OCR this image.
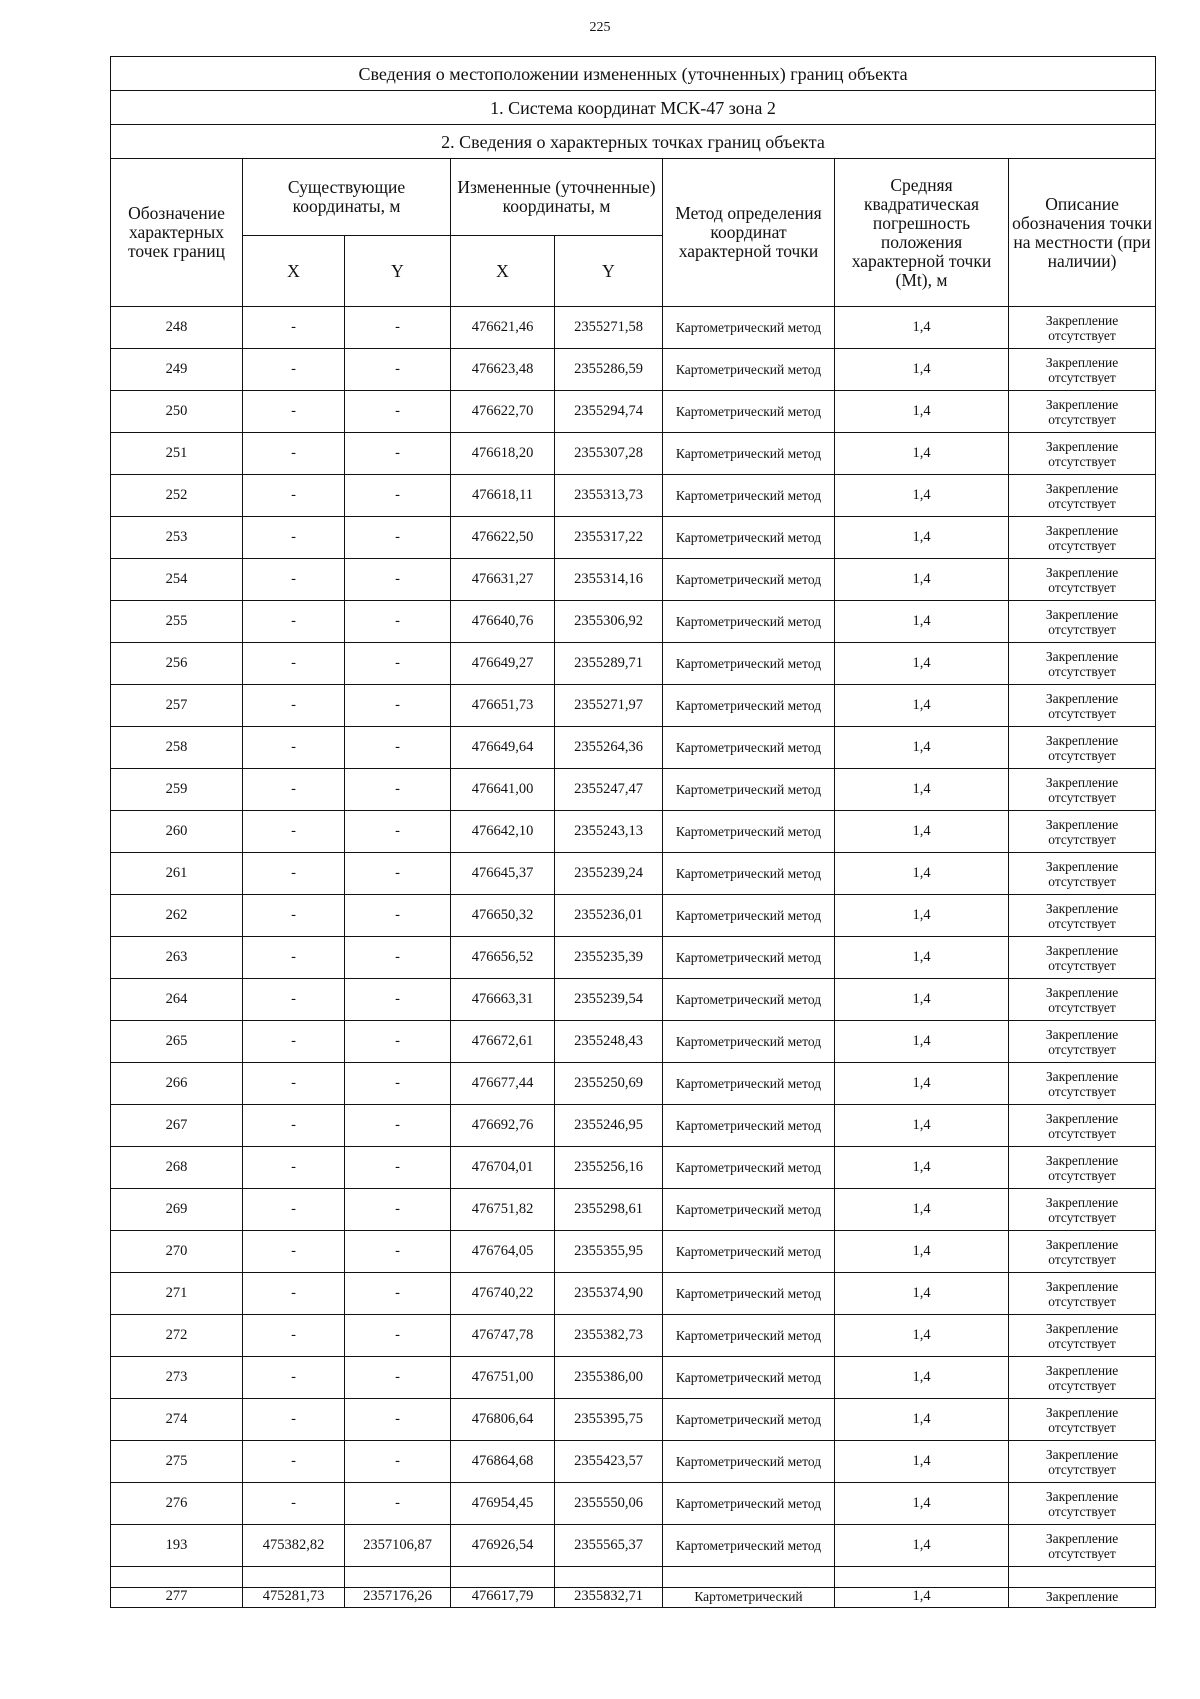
225
Сведения о местоположении измененных (уточненных) границ объекта							
1. Система координат МСК-47 зона 2							
2. Сведения о характерных точках границ объекта							
Обозначение характерных точек границ	Существующие координаты, м		Измененные (уточненные) координаты, м		Метод определения координат характерной точки	Средняя квадратическая погрешность положения характерной точки (Mt), м	Описание обозначения точки на местности (при наличии)
	X	Y	X	Y			
248	-	-	476621,46	2355271,58	Картометрический метод	1,4	Закрепление отсутствует
249	-	-	476623,48	2355286,59	Картометрический метод	1,4	Закрепление отсутствует
250	-	-	476622,70	2355294,74	Картометрический метод	1,4	Закрепление отсутствует
251	-	-	476618,20	2355307,28	Картометрический метод	1,4	Закрепление отсутствует
252	-	-	476618,11	2355313,73	Картометрический метод	1,4	Закрепление отсутствует
253	-	-	476622,50	2355317,22	Картометрический метод	1,4	Закрепление отсутствует
254	-	-	476631,27	2355314,16	Картометрический метод	1,4	Закрепление отсутствует
255	-	-	476640,76	2355306,92	Картометрический метод	1,4	Закрепление отсутствует
256	-	-	476649,27	2355289,71	Картометрический метод	1,4	Закрепление отсутствует
257	-	-	476651,73	2355271,97	Картометрический метод	1,4	Закрепление отсутствует
258	-	-	476649,64	2355264,36	Картометрический метод	1,4	Закрепление отсутствует
259	-	-	476641,00	2355247,47	Картометрический метод	1,4	Закрепление отсутствует
260	-	-	476642,10	2355243,13	Картометрический метод	1,4	Закрепление отсутствует
261	-	-	476645,37	2355239,24	Картометрический метод	1,4	Закрепление отсутствует
262	-	-	476650,32	2355236,01	Картометрический метод	1,4	Закрепление отсутствует
263	-	-	476656,52	2355235,39	Картометрический метод	1,4	Закрепление отсутствует
264	-	-	476663,31	2355239,54	Картометрический метод	1,4	Закрепление отсутствует
265	-	-	476672,61	2355248,43	Картометрический метод	1,4	Закрепление отсутствует
266	-	-	476677,44	2355250,69	Картометрический метод	1,4	Закрепление отсутствует
267	-	-	476692,76	2355246,95	Картометрический метод	1,4	Закрепление отсутствует
268	-	-	476704,01	2355256,16	Картометрический метод	1,4	Закрепление отсутствует
269	-	-	476751,82	2355298,61	Картометрический метод	1,4	Закрепление отсутствует
270	-	-	476764,05	2355355,95	Картометрический метод	1,4	Закрепление отсутствует
271	-	-	476740,22	2355374,90	Картометрический метод	1,4	Закрепление отсутствует
272	-	-	476747,78	2355382,73	Картометрический метод	1,4	Закрепление отсутствует
273	-	-	476751,00	2355386,00	Картометрический метод	1,4	Закрепление отсутствует
274	-	-	476806,64	2355395,75	Картометрический метод	1,4	Закрепление отсутствует
275	-	-	476864,68	2355423,57	Картометрический метод	1,4	Закрепление отсутствует
276	-	-	476954,45	2355550,06	Картометрический метод	1,4	Закрепление отсутствует
193	475382,82	2357106,87	476926,54	2355565,37	Картометрический метод	1,4	Закрепление отсутствует

277	475281,73	2357176,26	476617,79	2355832,71	Картометрический	1,4	Закрепление
